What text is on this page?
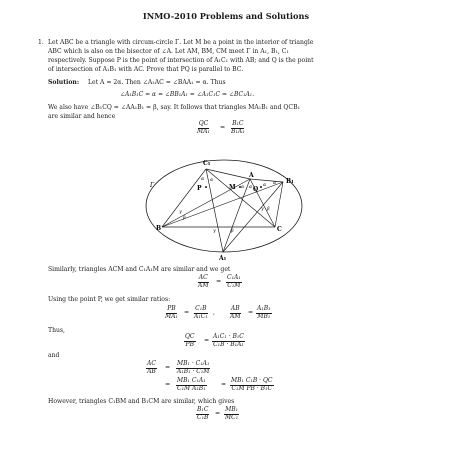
INMO-2010 Problems and Solutions
1. Let ABC be a triangle with circum-circle Γ. Let M be a point in the interior of triangle
ABC which is also on the bisector of ∠A. Let AM, BM, CM meet Γ in A₁, B₁, C₁
respectively. Suppose P is the point of intersection of A₁C₁ with AB; and Q is the point
of intersection of A₁B₁ with AC. Prove that PQ is parallel to BC.
Solution: Let A = 2α. Then ∠A₁AC = ∠BAA₁ = α. Thus
∠A₁B₁C = α = ∠BB₁A₁ = ∠A₁C₁C = ∠BC₁A₁.
We also have ∠B₁CQ = ∠AA₁B₁ = β, say. It follows that triangles MA₁B₁ and QCB₁
are similar and hence
$\frac{QC}{\text{MA₁}} = \frac{\text{B₁C}}{\text{B₁A₁}}$
C₁
A
B₁
P	M	Q
B	C
A₁
Γ
α α
α α α α
γ
β
γ β
γ	β
Similarly, triangles ACM and C₁A₁M are similar and we get
$\frac{AC}{AM} = \frac{\text{C₁A₁}}{\text{C₁M}}$
Using the point P, we get similar ratios:
$\frac{PB}{\text{MA₁}} = \frac{\text{C₁B}}{\text{A₁C₁}}$ , $\frac{AB}{AM} = \frac{\text{A₁B₁}}{\text{MB₁}}$
Thus,
$\frac{QC}{PB} = \frac{\text{A₁C₁ · B₁C}}{\text{C₁B · B₁A₁}}$
and
$\frac{AC}{AB} = \frac{\text{MB₁ · C₁A₁}}{\text{A₁B₁ · C₁M}}$
= $\frac{\text{MB₁ C₁A₁}}{\text{C₁M A₁B₁}} = \frac{\text{MB₁ C₁B · QC}}{\text{C₁M PB · B₁C}}$
However, triangles C₁BM and B₁CM are similar, which gives
$\frac{\text{B₁C}}{\text{C₁B}} = \frac{\text{MB₁}}{\text{MC₁}}$
